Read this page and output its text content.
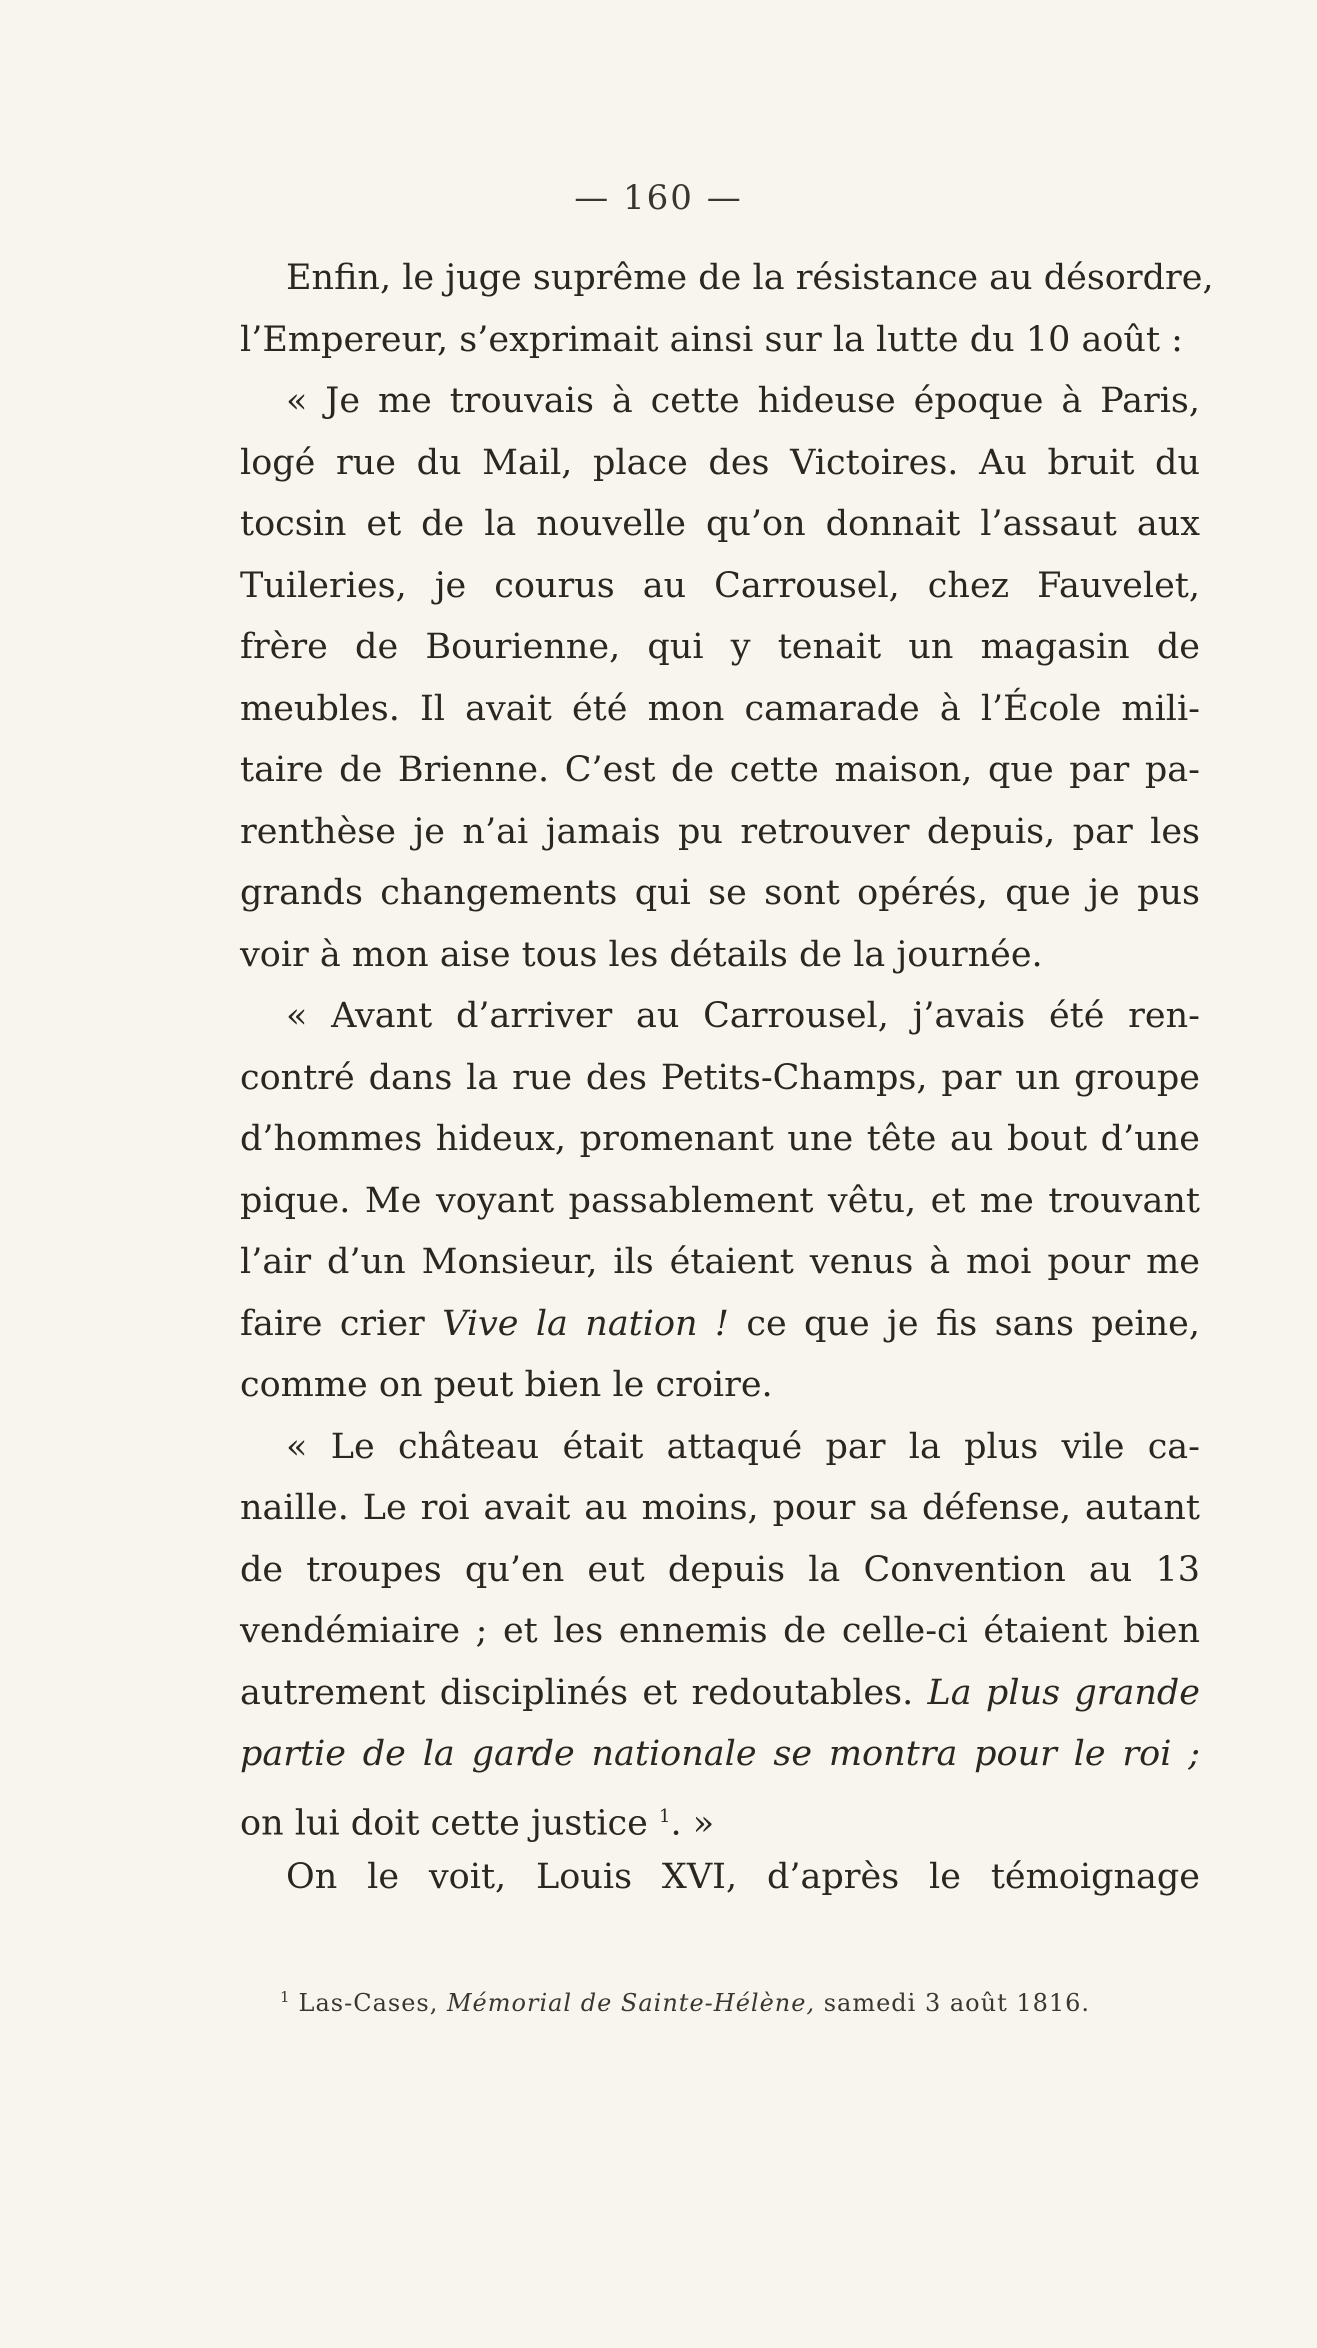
— 160 —
Enfin, le juge suprême de la résistance au désordre,
l’Empereur, s’exprimait ainsi sur la lutte du 10 août :
« Je me trouvais à cette hideuse époque à Paris,
logé rue du Mail, place des Victoires. Au bruit du
tocsin et de la nouvelle qu’on donnait l’assaut aux
Tuileries, je courus au Carrousel, chez Fauvelet,
frère de Bourienne, qui y tenait un magasin de
meubles. Il avait été mon camarade à l’École mili-
taire de Brienne. C’est de cette maison, que par pa-
renthèse je n’ai jamais pu retrouver depuis, par les
grands changements qui se sont opérés, que je pus
voir à mon aise tous les détails de la journée.
« Avant d’arriver au Carrousel, j’avais été ren-
contré dans la rue des Petits-Champs, par un groupe
d’hommes hideux, promenant une tête au bout d’une
pique. Me voyant passablement vêtu, et me trouvant
l’air d’un Monsieur, ils étaient venus à moi pour me
faire crier Vive la nation ! ce que je fis sans peine,
comme on peut bien le croire.
« Le château était attaqué par la plus vile ca-
naille. Le roi avait au moins, pour sa défense, autant
de troupes qu’en eut depuis la Convention au 13
vendémiaire ; et les ennemis de celle-ci étaient bien
autrement disciplinés et redoutables. La plus grande
partie de la garde nationale se montra pour le roi ;
on lui doit cette justice $^1$. »
On le voit, Louis XVI, d’après le témoignage
$^1$ Las-Cases, Mémorial de Sainte-Hélène, samedi 3 août 1816.
